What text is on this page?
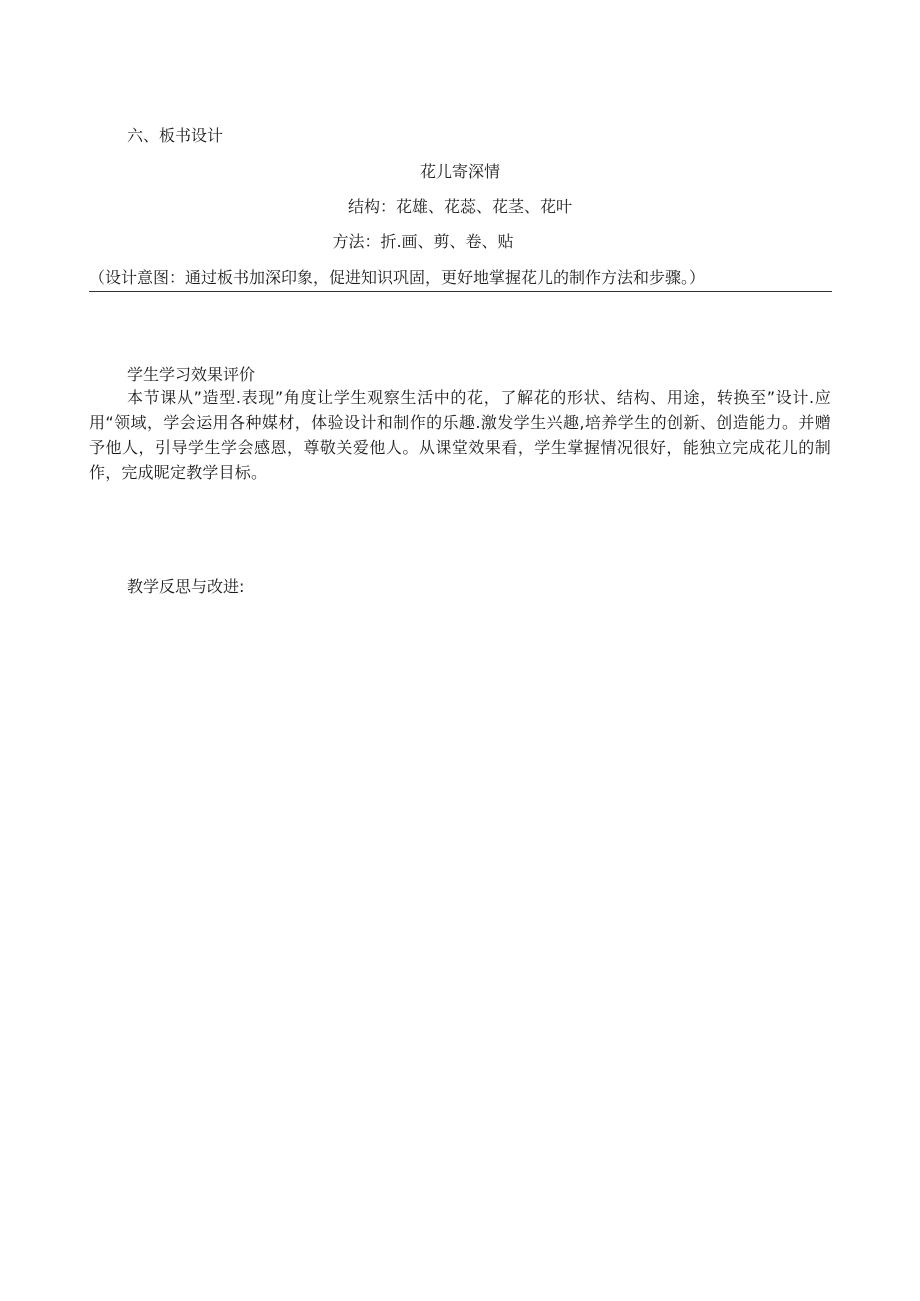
六、板书设计
花儿寄深情
结构：花雄、花蕊、花茎、花叶
方法：折.画、剪、卷、贴
（设计意图：通过板书加深印象，促进知识巩固，更好地掌握花儿的制作方法和步骤。）
学生学习效果评价
本节课从”造型.表现”角度让学生观察生活中的花，了解花的形状、结构、用途，转换至”设计.应用“领域，学会运用各种媒材，体验设计和制作的乐趣.激发学生兴趣,培养学生的创新、创造能力。并赠予他人，引导学生学会感恩，尊敬关爱他人。从课堂效果看，学生掌握情况很好，能独立完成花儿的制作，完成昵定教学目标。
教学反思与改进:
